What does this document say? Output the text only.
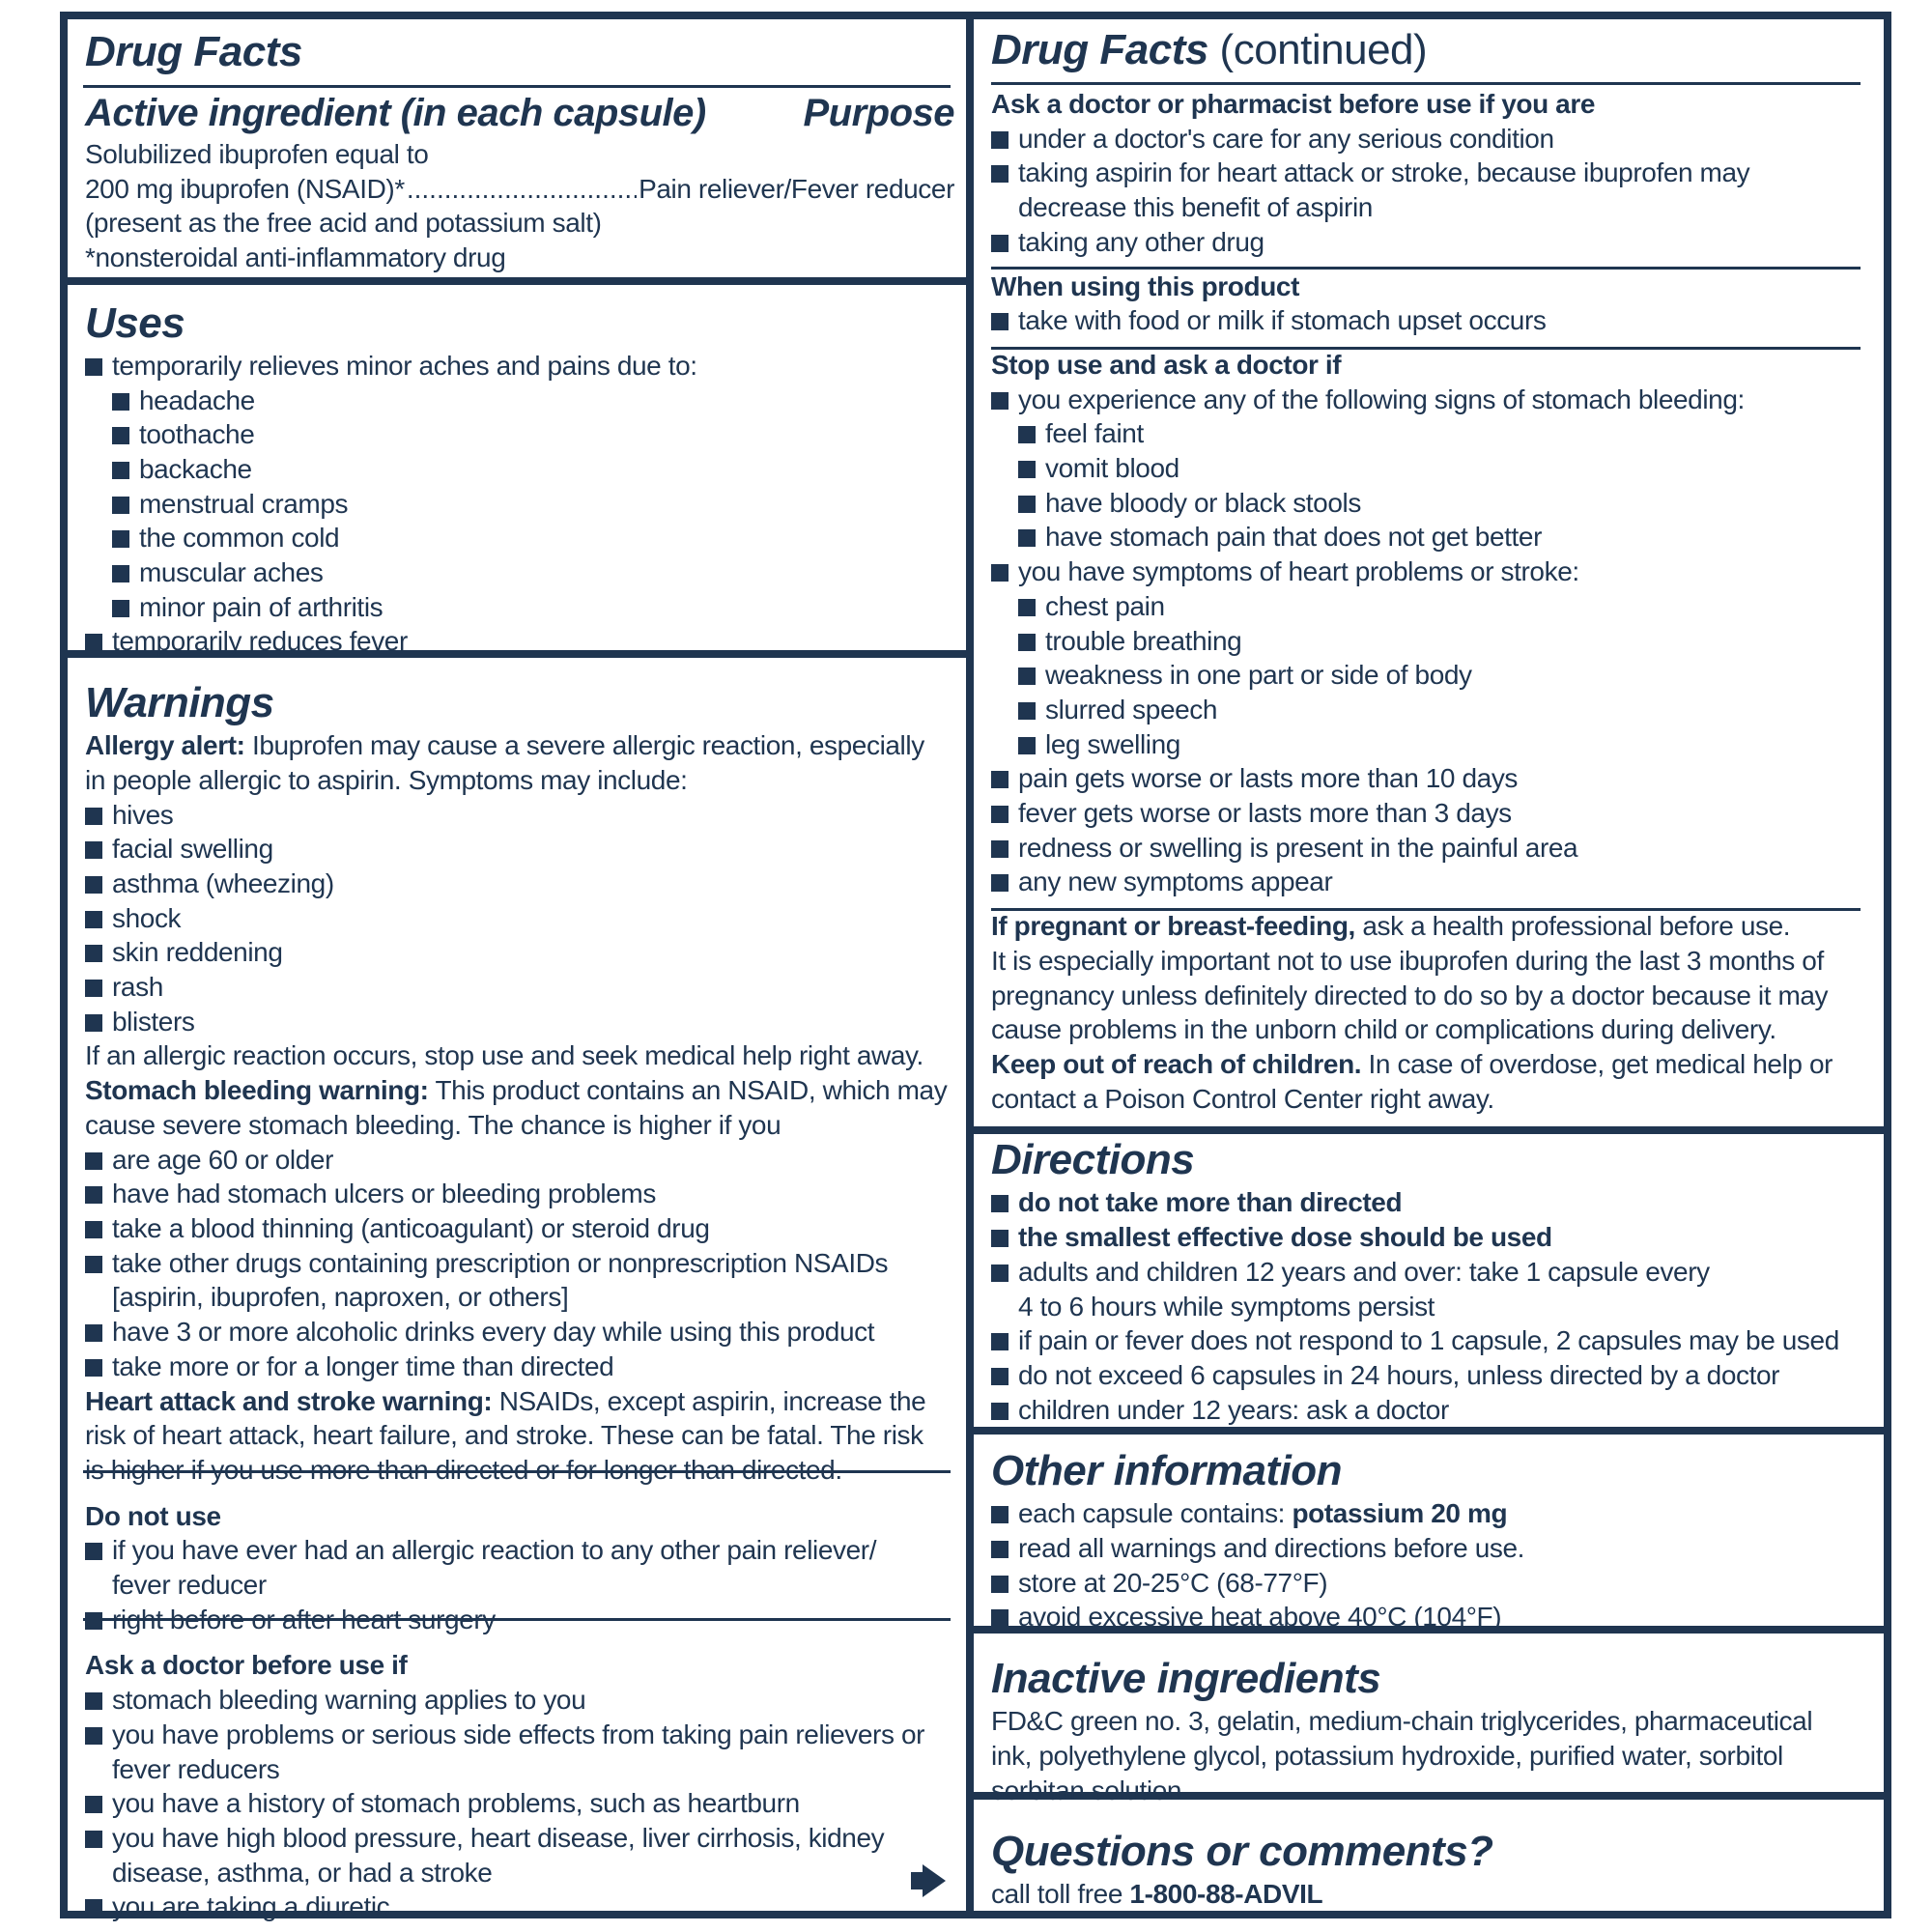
Drug Facts
Active ingredient (in each capsule)	Purpose

Solubilized ibuprofen equal to

200 mg ibuprofen (NSAID)*
.....	Pain reliever/Fever reducer

(present as the free acid and potassium salt)

*nonsteroidal anti-inflammatory drug

Uses

temporarily relieves minor aches and pains due to:

headache

toothache

backache

menstrual cramps

the common cold

muscular aches

minor pain of arthritis

temporarily reduces fever

Warnings

Allergy alert: Ibuprofen may cause a severe allergic reaction, especially

in people allergic to aspirin. Symptoms may include:

hives

facial swelling

asthma (wheezing)

shock

skin reddening

rash

blisters

If an allergic reaction occurs, stop use and seek medical help right away.

Stomach bleeding warning: This product contains an NSAID, which may

cause severe stomach bleeding. The chance is higher if you

are age 60 or older

have had stomach ulcers or bleeding problems

take a blood thinning (anticoagulant) or steroid drug

take other drugs containing prescription or nonprescription NSAIDs

[aspirin, ibuprofen, naproxen, or others]

have 3 or more alcoholic drinks every day while using this product

take more or for a longer time than directed

Heart attack and stroke warning: NSAIDs, except aspirin, increase the

risk of heart attack, heart failure, and stroke. These can be fatal. The risk

is higher if you use more than directed or for longer than directed.

Do not use

if you have ever had an allergic reaction to any other pain reliever/

fever reducer

right before or after heart surgery

Ask a doctor before use if

stomach bleeding warning applies to you

you have problems or serious side effects from taking pain relievers or

fever reducers

you have a history of stomach problems, such as heartburn

you have high blood pressure, heart disease, liver cirrhosis, kidney

disease, asthma, or had a stroke

you are taking a diuretic

Drug Facts (continued)

Ask a doctor or pharmacist before use if you are

under a doctor's care for any serious condition

taking aspirin for heart attack or stroke, because ibuprofen may

decrease this benefit of aspirin

taking any other drug

When using this product

take with food or milk if stomach upset occurs

Stop use and ask a doctor if

you experience any of the following signs of stomach bleeding:

feel faint

vomit blood

have bloody or black stools

have stomach pain that does not get better

you have symptoms of heart problems or stroke:

chest pain

trouble breathing

weakness in one part or side of body

slurred speech

leg swelling

pain gets worse or lasts more than 10 days

fever gets worse or lasts more than 3 days

redness or swelling is present in the painful area

any new symptoms appear

If pregnant or breast-feeding, ask a health professional before use.

It is especially important not to use ibuprofen during the last 3 months of

pregnancy unless definitely directed to do so by a doctor because it may

cause problems in the unborn child or complications during delivery.

Keep out of reach of children. In case of overdose, get medical help or

contact a Poison Control Center right away.

Directions

do not take more than directed

the smallest effective dose should be used

adults and children 12 years and over: take 1 capsule every

4 to 6 hours while symptoms persist

if pain or fever does not respond to 1 capsule, 2 capsules may be used

do not exceed 6 capsules in 24 hours, unless directed by a doctor

children under 12 years: ask a doctor

Other information

each capsule contains: potassium 20 mg

read all warnings and directions before use.

store at 20-25°C (68-77°F)

avoid excessive heat above 40°C (104°F)

Inactive ingredients

FD&C green no. 3, gelatin, medium-chain triglycerides, pharmaceutical

ink, polyethylene glycol, potassium hydroxide, purified water, sorbitol

sorbitan solution

Questions or comments?

call toll free 1-800-88-ADVIL
